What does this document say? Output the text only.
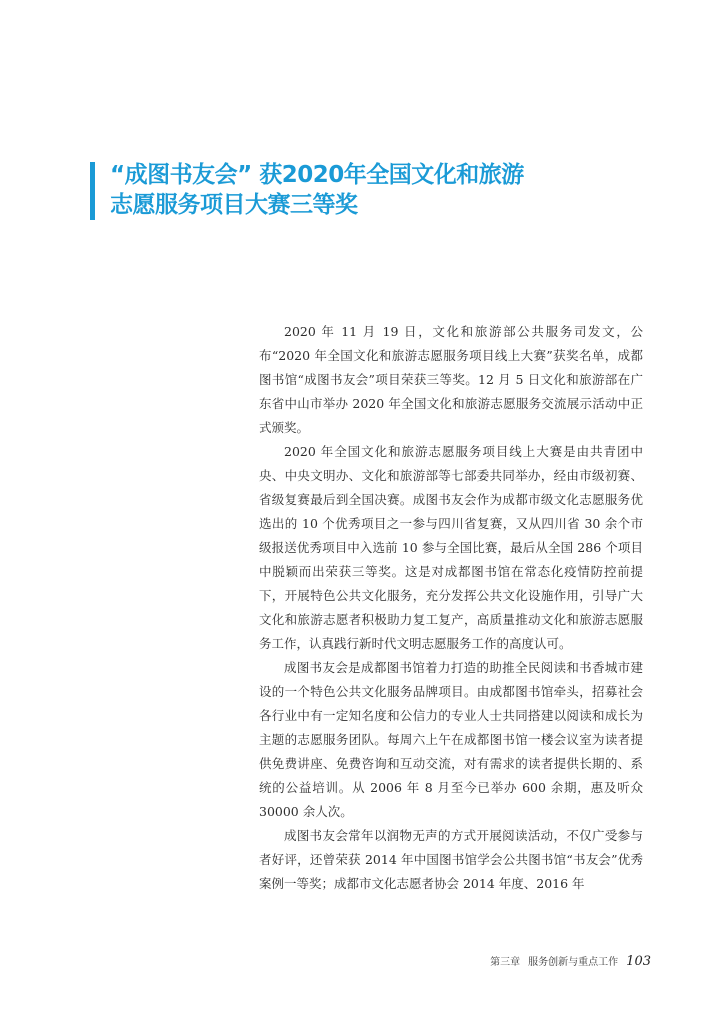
“成图书友会” 获2020年全国文化和旅游
志愿服务项目大赛三等奖

2020 年 11 月 19 日，文化和旅游部公共服务司发文，公布“2020 年全国文化和旅游志愿服务项目线上大赛”获奖名单，成都图书馆“成图书友会”项目荣获三等奖。12 月 5 日文化和旅游部在广东省中山市举办 2020 年全国文化和旅游志愿服务交流展示活动中正式颁奖。

2020 年全国文化和旅游志愿服务项目线上大赛是由共青团中央、中央文明办、文化和旅游部等七部委共同举办，经由市级初赛、省级复赛最后到全国决赛。成图书友会作为成都市级文化志愿服务优选出的 10 个优秀项目之一参与四川省复赛，又从四川省 30 余个市级报送优秀项目中入选前 10 参与全国比赛，最后从全国 286 个项目中脱颖而出荣获三等奖。这是对成都图书馆在常态化疫情防控前提下，开展特色公共文化服务，充分发挥公共文化设施作用，引导广大文化和旅游志愿者积极助力复工复产，高质量推动文化和旅游志愿服务工作，认真践行新时代文明志愿服务工作的高度认可。

成图书友会是成都图书馆着力打造的助推全民阅读和书香城市建设的一个特色公共文化服务品牌项目。由成都图书馆牵头，招募社会各行业中有一定知名度和公信力的专业人士共同搭建以阅读和成长为主题的志愿服务团队。每周六上午在成都图书馆一楼会议室为读者提供免费讲座、免费咨询和互动交流，对有需求的读者提供长期的、系统的公益培训。从 2006 年 8 月至今已举办 600 余期，惠及听众 30000 余人次。

成图书友会常年以润物无声的方式开展阅读活动，不仅广受参与者好评，还曾荣获 2014 年中国图书馆学会公共图书馆“书友会”优秀案例一等奖；成都市文化志愿者协会 2014 年度、2016 年

第三章 服务创新与重点工作 103
